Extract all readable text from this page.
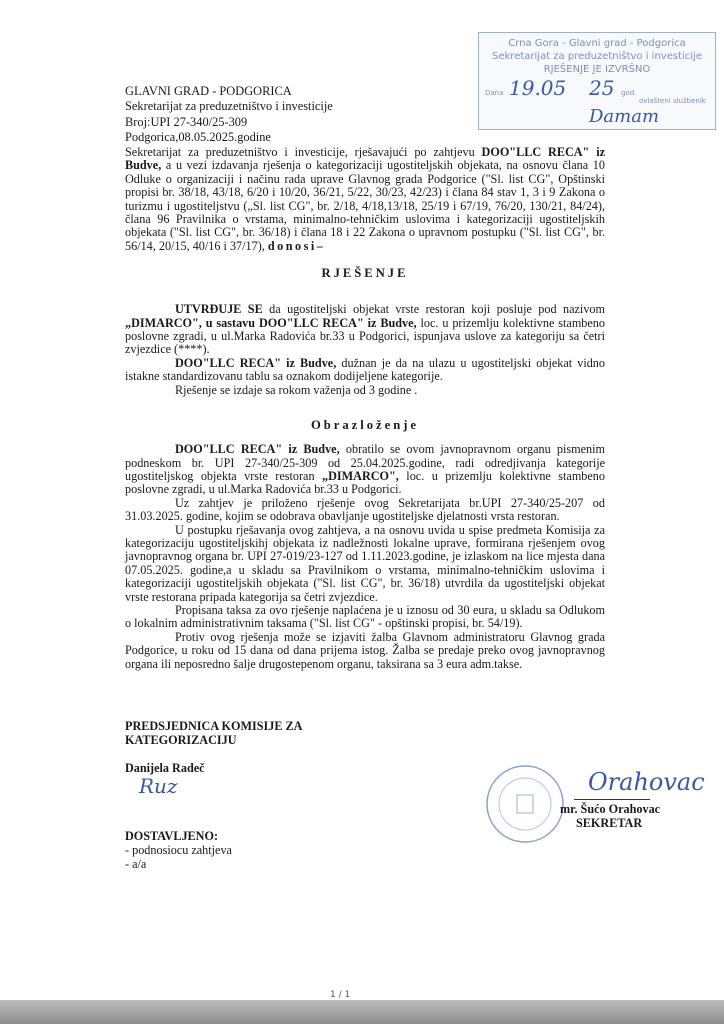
Crna Gora - Glavni grad - Podgorica
Sekretarijat za preduzetništvo i investicije
RJEŠENJE JE IZVRŠNO
Dana 19.05 25 god.
ovlašteni službenik
Damam
GLAVNI GRAD - PODGORICA
Sekretarijat za preduzetništvo i investicije
Broj:UPI 27-340/25-309
Podgorica,08.05.2025.godine
Sekretarijat za preduzetništvo i investicije, rješavajući po zahtjevu DOO"LLC RECA" iz Budve, a u vezi izdavanja rješenja o kategorizaciji ugostiteljskih objekata, na osnovu člana 10 Odluke o organizaciji i načinu rada uprave Glavnog grada Podgorice ("Sl. list CG", Opštinski propisi br. 38/18, 43/18, 6/20 i 10/20, 36/21, 5/22, 30/23, 42/23) i člana 84 stav 1, 3 i 9 Zakona o turizmu i ugostiteljstvu („Sl. list CG", br. 2/18, 4/18,13/18, 25/19 i 67/19, 76/20, 130/21, 84/24), člana 96 Pravilnika o vrstama, minimalno-tehničkim uslovima i kategorizaciji ugostiteljskih objekata ("Sl. list CG", br. 36/18) i člana 18 i 22 Zakona o upravnom postupku ("Sl. list CG", br. 56/14, 20/15, 40/16 i 37/17), donosi–
RJEŠENJE
UTVRĐUJE SE da ugostiteljski objekat vrste restoran koji posluje pod nazivom „DIMARCO", u sastavu DOO"LLC RECA" iz Budve, loc. u prizemlju kolektivne stambeno poslovne zgradi, u ul.Marka Radovića br.33 u Podgorici, ispunjava uslove za kategoriju sa četri zvjezdice (****).
DOO"LLC RECA" iz Budve, dužnan je da na ulazu u ugostiteljski objekat vidno istakne standardizovanu tablu sa oznakom dodijeljene kategorije.
Rješenje se izdaje sa rokom važenja od 3 godine .
Obrazloženje
DOO"LLC RECA" iz Budve, obratilo se ovom javnopravnom organu pismenim podneskom br. UPI 27-340/25-309 od 25.04.2025.godine, radi odredjivanja kategorije ugostiteljskog objekta vrste restoran „DIMARCO", loc. u prizemlju kolektivne stambeno poslovne zgradi, u ul.Marka Radovića br.33 u Podgorici.
Uz zahtjev je priloženo rješenje ovog Sekretarijata br.UPI 27-340/25-207 od 31.03.2025. godine, kojim se odobrava obavljanje ugostiteljske djelatnosti vrsta restoran.
U postupku rješavanja ovog zahtjeva, a na osnovu uvida u spise predmeta Komisija za kategorizaciju ugostiteljskihj objekata iz nadležnosti lokalne uprave, formirana rješenjem ovog javnopravnog organa br. UPI 27-019/23-127 od 1.11.2023.godine, je izlaskom na lice mjesta dana 07.05.2025. godine,a u skladu sa Pravilnikom o vrstama, minimalno-tehničkim uslovima i kategorizaciji ugostiteljskih objekata ("Sl. list CG", br. 36/18) utvrdila da ugostiteljski objekat vrste restorana pripada kategorija sa četri zvjezdice.
Propisana taksa za ovo rješenje naplaćena je u iznosu od 30 eura, u skladu sa Odlukom o lokalnim administrativnim taksama ("Sl. list CG" - opštinski propisi, br. 54/19).
Protiv ovog rješenja može se izjaviti žalba Glavnom administratoru Glavnog grada Podgorice, u roku od 15 dana od dana prijema istog. Žalba se predaje preko ovog javnopravnog organa ili neposredno šalje drugostepenom organu, taksirana sa 3 eura adm.takse.
PREDSJEDNICA KOMISIJE ZA
KATEGORIZACIJU
Danijela Radeč
Ruz
DOSTAVLJENO:
- podnosiocu zahtjeva
- a/a
Orahovac
mr. Šućo Orahovac
SEKRETAR
1 / 1
